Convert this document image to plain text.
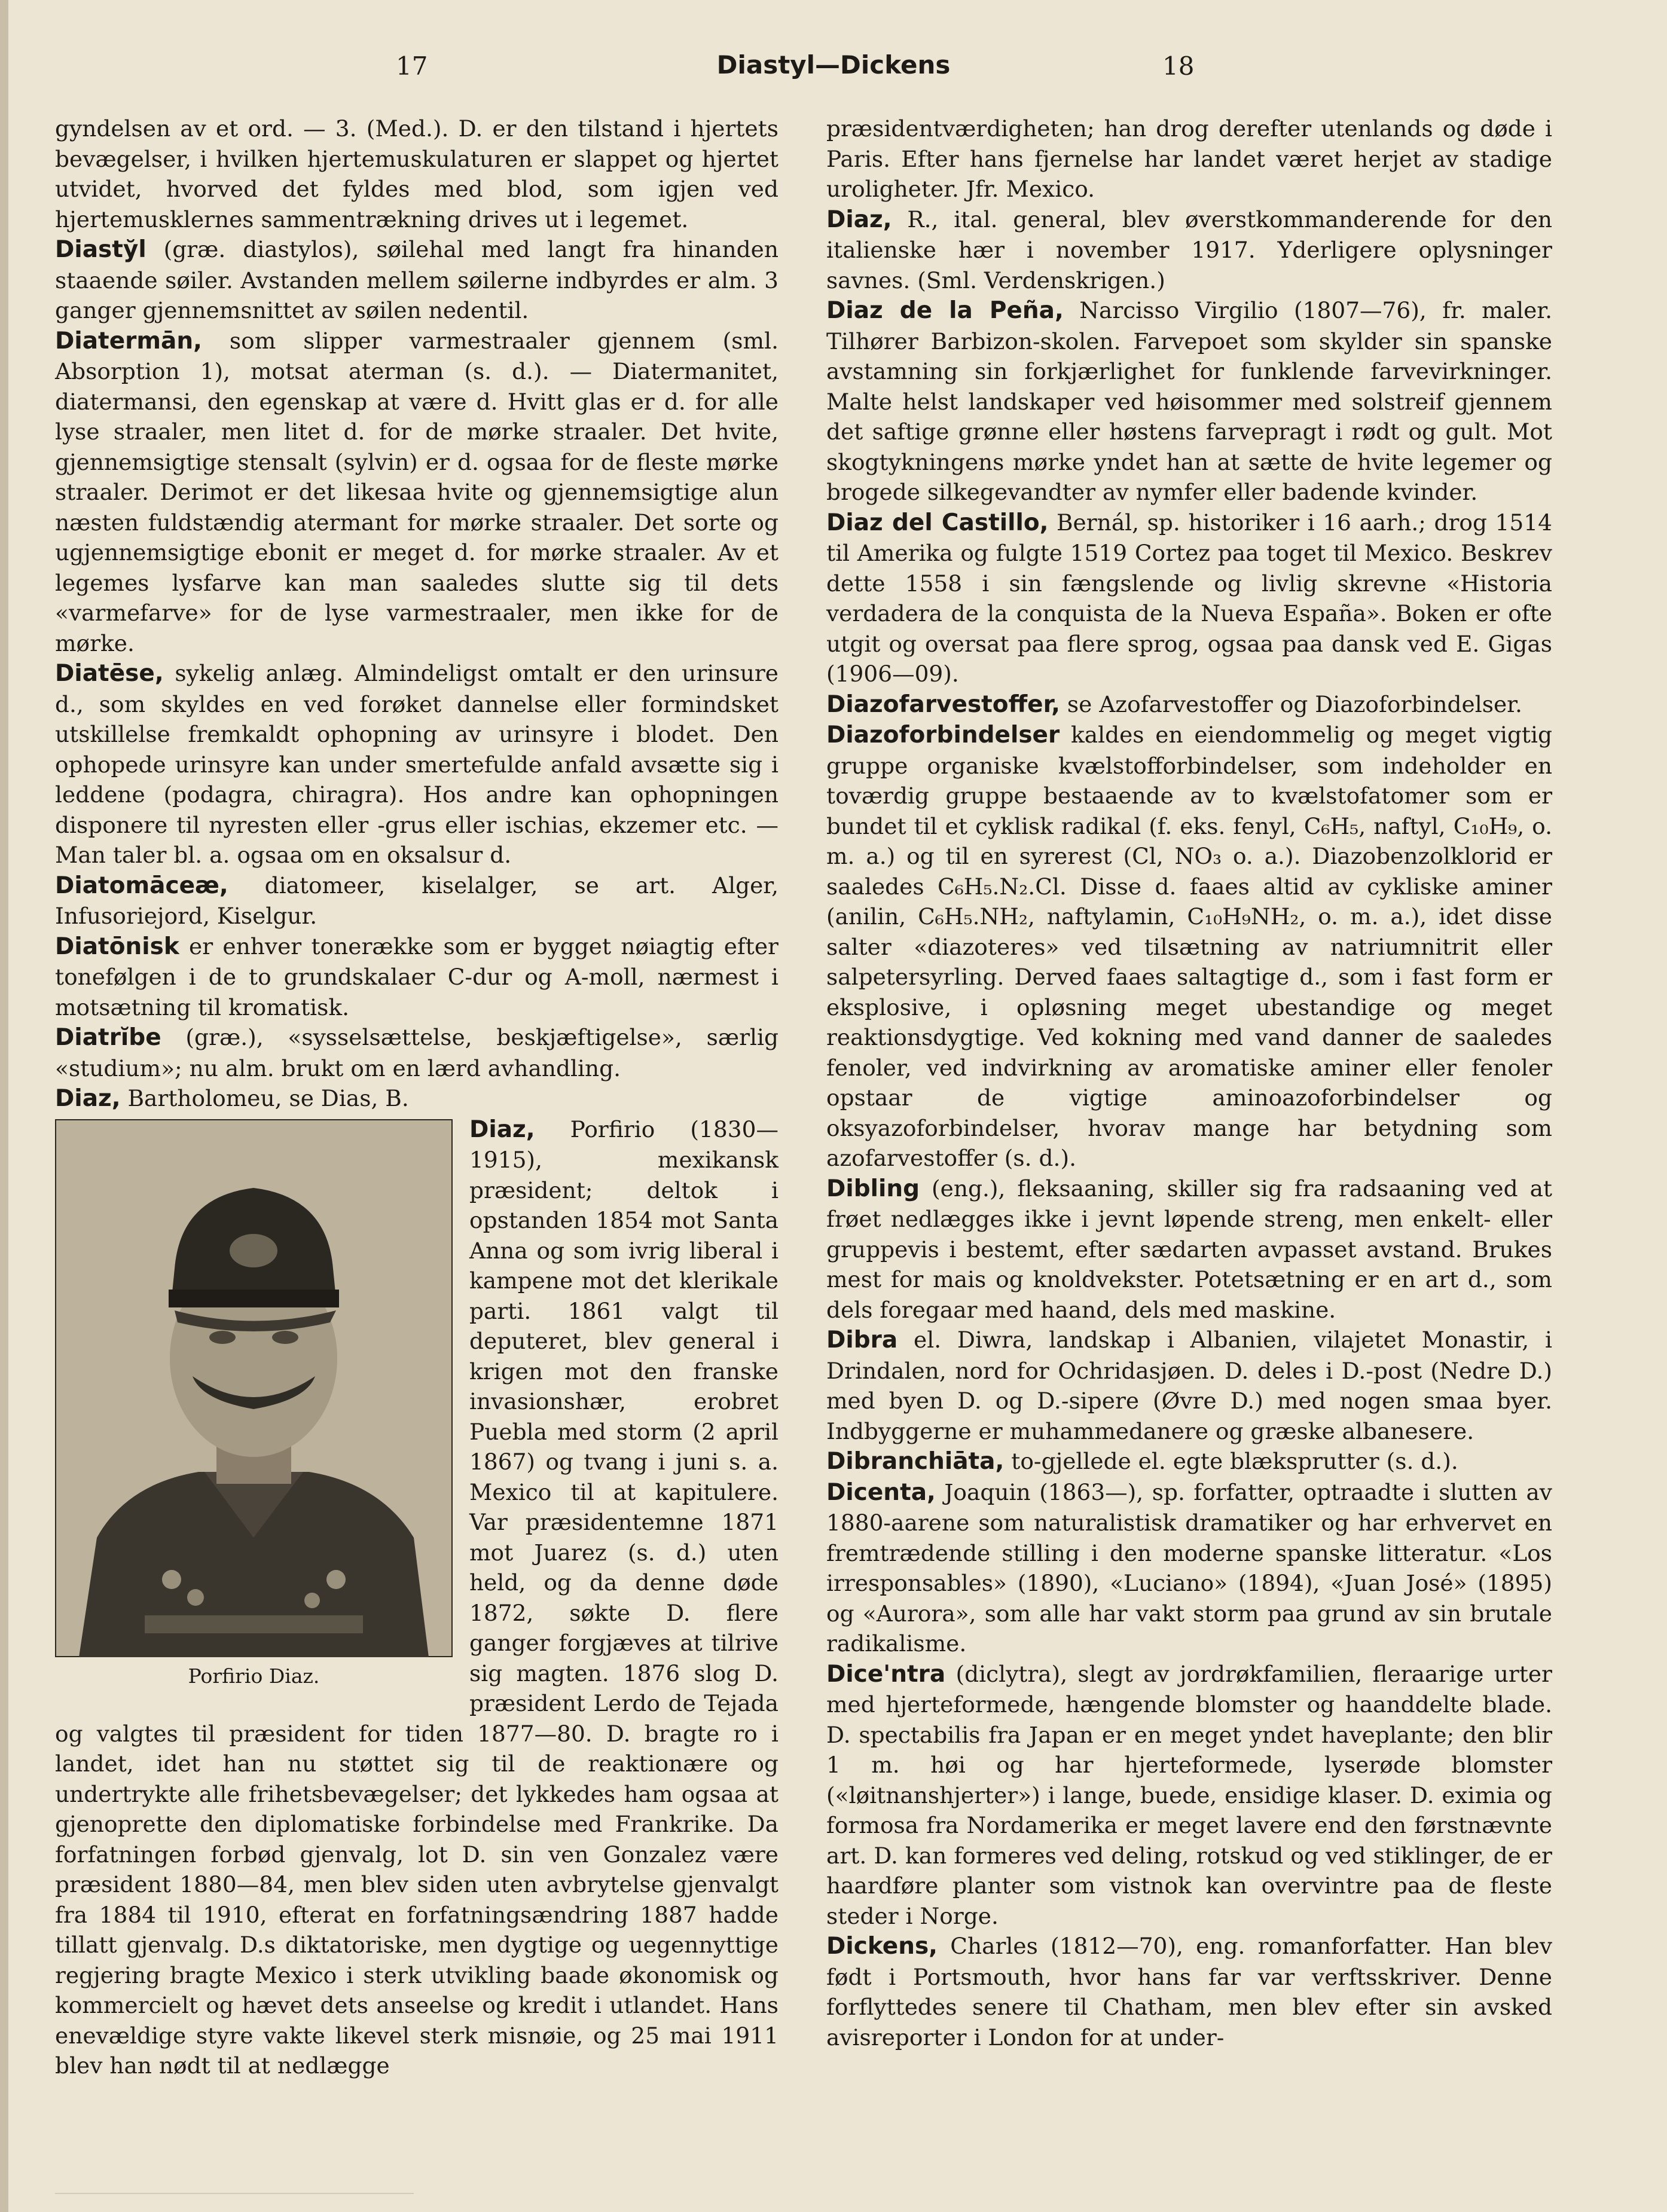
17	Diastyl—Dickens	18

gyndelsen av et ord. — 3. (Med.). D. er den tilstand i hjertets bevægelser, i hvilken hjertemuskulaturen er slappet og hjertet utvidet, hvorved det fyldes med blod, som igjen ved hjertemusklernes sammentrækning drives ut i legemet.

Diastўl (græ. diastylos), søilehal med langt fra hinanden staaende søiler. Avstanden mellem søilerne indbyrdes er alm. 3 ganger gjennemsnittet av søilen nedentil.

Diatermān, som slipper varmestraaler gjennem (sml. Absorption 1), motsat aterman (s. d.). — Diatermanitet, diatermansi, den egenskap at være d. Hvitt glas er d. for alle lyse straaler, men litet d. for de mørke straaler. Det hvite, gjennemsigtige stensalt (sylvin) er d. ogsaa for de fleste mørke straaler. Derimot er det likesaa hvite og gjennemsigtige alun næsten fuldstændig atermant for mørke straaler. Det sorte og ugjennemsigtige ebonit er meget d. for mørke straaler. Av et legemes lysfarve kan man saaledes slutte sig til dets «varmefarve» for de lyse varmestraaler, men ikke for de mørke.

Diatēse, sykelig anlæg. Almindeligst omtalt er den urinsure d., som skyldes en ved forøket dannelse eller formindsket utskillelse fremkaldt ophopning av urinsyre i blodet. Den ophopede urinsyre kan under smertefulde anfald avsætte sig i leddene (podagra, chiragra). Hos andre kan ophopningen disponere til nyresten eller -grus eller ischias, ekzemer etc. — Man taler bl. a. ogsaa om en oksalsur d.

Diatomāceæ, diatomeer, kiselalger, se art. Alger, Infusoriejord, Kiselgur.

Diatōnisk er enhver tonerække som er bygget nøiagtig efter tonefølgen i de to grundskalaer C-dur og A-moll, nærmest i motsætning til kromatisk.

Diatrĭbe (græ.), «sysselsættelse, beskjæftigelse», særlig «studium»; nu alm. brukt om en lærd avhandling.

Diaz, Bartholomeu, se Dias, B.

Porfirio Diaz.

Diaz, Porfirio (1830—1915), mexikansk præsident; deltok i opstanden 1854 mot Santa Anna og som ivrig liberal i kampene mot det klerikale parti. 1861 valgt til deputeret, blev general i krigen mot den franske invasionshær, erobret Puebla med storm (2 april 1867) og tvang i juni s. a. Mexico til at kapitulere. Var præsidentemne 1871 mot Juarez (s. d.) uten held, og da denne døde 1872, søkte D. flere ganger forgjæves at tilrive sig magten. 1876 slog D. præsident Lerdo de Tejada og valgtes til præsident for tiden 1877—80. D. bragte ro i landet, idet han nu støttet sig til de reaktionære og undertrykte alle frihetsbevægelser; det lykkedes ham ogsaa at gjenoprette den diplomatiske forbindelse med Frankrike. Da forfatningen forbød gjenvalg, lot D. sin ven Gonzalez være præsident 1880—84, men blev siden uten avbrytelse gjenvalgt fra 1884 til 1910, efterat en forfatningsændring 1887 hadde tillatt gjenvalg. D.s diktatoriske, men dygtige og uegennyttige regjering bragte Mexico i sterk utvikling baade økonomisk og kommercielt og hævet dets anseelse og kredit i utlandet. Hans enevældige styre vakte likevel sterk misnøie, og 25 mai 1911 blev han nødt til at nedlægge

præsidentværdigheten; han drog derefter utenlands og døde i Paris. Efter hans fjernelse har landet været herjet av stadige uroligheter. Jfr. Mexico.

Diaz, R., ital. general, blev øverstkommanderende for den italienske hær i november 1917. Yderligere oplysninger savnes. (Sml. Verdenskrigen.)

Diaz de la Peña, Narcisso Virgilio (1807—76), fr. maler. Tilhører Barbizon-skolen. Farvepoet som skylder sin spanske avstamning sin forkjærlighet for funklende farvevirkninger. Malte helst landskaper ved høisommer med solstreif gjennem det saftige grønne eller høstens farvepragt i rødt og gult. Mot skogtykningens mørke yndet han at sætte de hvite legemer og brogede silkegevandter av nymfer eller badende kvinder.

Diaz del Castillo, Bernál, sp. historiker i 16 aarh.; drog 1514 til Amerika og fulgte 1519 Cortez paa toget til Mexico. Beskrev dette 1558 i sin fængslende og livlig skrevne «Historia verdadera de la conquista de la Nueva España». Boken er ofte utgit og oversat paa flere sprog, ogsaa paa dansk ved E. Gigas (1906—09).

Diazofarvestoffer, se Azofarvestoffer og Diazoforbindelser.

Diazoforbindelser kaldes en eiendommelig og meget vigtig gruppe organiske kvælstofforbindelser, som indeholder en toværdig gruppe bestaaende av to kvælstofatomer som er bundet til et cyklisk radikal (f. eks. fenyl, C₆H₅, naftyl, C₁₀H₉, o. m. a.) og til en syrerest (Cl, NO₃ o. a.). Diazobenzolklorid er saaledes C₆H₅.N₂.Cl. Disse d. faaes altid av cykliske aminer (anilin, C₆H₅.NH₂, naftylamin, C₁₀H₉NH₂, o. m. a.), idet disse salter «diazoteres» ved tilsætning av natriumnitrit eller salpetersyrling. Derved faaes saltagtige d., som i fast form er eksplosive, i opløsning meget ubestandige og meget reaktionsdygtige. Ved kokning med vand danner de saaledes fenoler, ved indvirkning av aromatiske aminer eller fenoler opstaar de vigtige aminoazoforbindelser og oksyazoforbindelser, hvorav mange har betydning som azofarvestoffer (s. d.).

Dibling (eng.), fleksaaning, skiller sig fra radsaaning ved at frøet nedlægges ikke i jevnt løpende streng, men enkelt- eller gruppevis i bestemt, efter sædarten avpasset avstand. Brukes mest for mais og knoldvekster. Potetsætning er en art d., som dels foregaar med haand, dels med maskine.

Dibra el. Diwra, landskap i Albanien, vilajetet Monastir, i Drindalen, nord for Ochridasjøen. D. deles i D.-post (Nedre D.) med byen D. og D.-sipere (Øvre D.) med nogen smaa byer. Indbyggerne er muhammedanere og græske albanesere.

Dibranchiāta, to-gjellede el. egte blæksprutter (s. d.).

Dicenta, Joaquin (1863—), sp. forfatter, optraadte i slutten av 1880-aarene som naturalistisk dramatiker og har erhvervet en fremtrædende stilling i den moderne spanske litteratur. «Los irresponsables» (1890), «Luciano» (1894), «Juan José» (1895) og «Aurora», som alle har vakt storm paa grund av sin brutale radikalisme.

Dice'ntra (diclytra), slegt av jordrøkfamilien, fleraarige urter med hjerteformede, hængende blomster og haanddelte blade. D. spectabilis fra Japan er en meget yndet haveplante; den blir 1 m. høi og har hjerteformede, lyserøde blomster («løitnanshjerter») i lange, buede, ensidige klaser. D. eximia og formosa fra Nordamerika er meget lavere end den førstnævnte art. D. kan formeres ved deling, rotskud og ved stiklinger, de er haardføre planter som vistnok kan overvintre paa de fleste steder i Norge.

Dickens, Charles (1812—70), eng. romanforfatter. Han blev født i Portsmouth, hvor hans far var verftsskriver. Denne forflyttedes senere til Chatham, men blev efter sin avsked avisreporter i London for at under-
